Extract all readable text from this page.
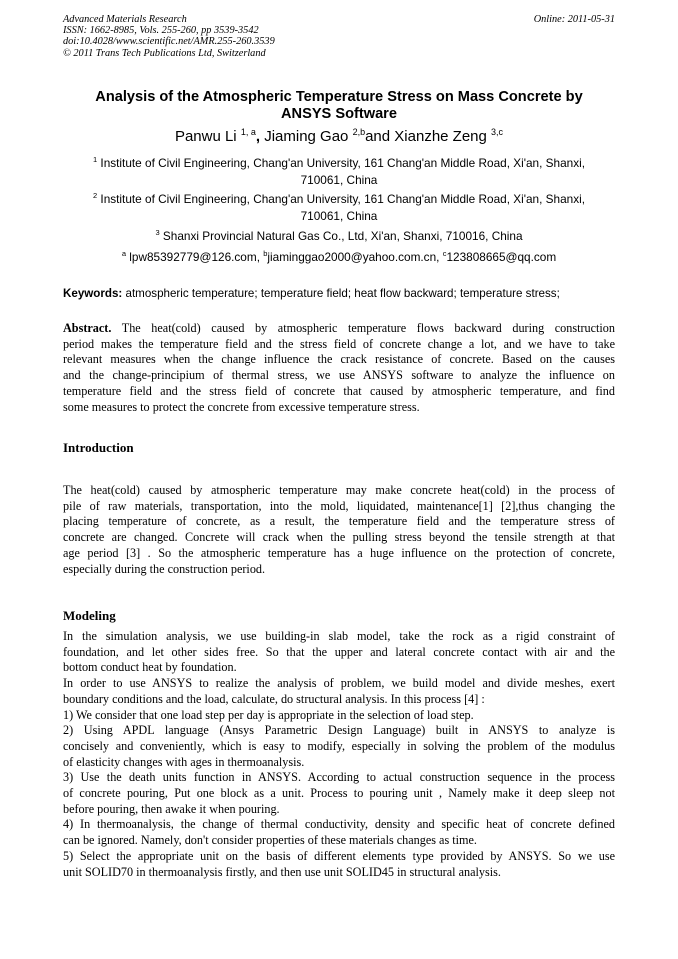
Advanced Materials Research
ISSN: 1662-8985, Vols. 255-260, pp 3539-3542
doi:10.4028/www.scientific.net/AMR.255-260.3539
© 2011 Trans Tech Publications Ltd, Switzerland
Online: 2011-05-31
Analysis of the Atmospheric Temperature Stress on Mass Concrete by
ANSYS Software
Panwu Li $^{1, a}$, Jiaming Gao $^{2,b}$and Xianzhe Zeng $^{3,c}$
$^1$ Institute of Civil Engineering, Chang'an University, 161 Chang'an Middle Road, Xi'an, Shanxi,
710061, China
$^2$ Institute of Civil Engineering, Chang'an University, 161 Chang'an Middle Road, Xi'an, Shanxi,
710061, China
$^3$ Shanxi Provincial Natural Gas Co., Ltd, Xi'an, Shanxi, 710016, China
$^a$ lpw85392779@126.com, $^b$jiaminggao2000@yahoo.com.cn, $^c$123808665@qq.com
Keywords: atmospheric temperature; temperature field; heat flow backward; temperature stress;
Abstract. The heat(cold) caused by atmospheric temperature flows backward during construction
period makes the temperature field and the stress field of concrete change a lot, and we have to take
relevant measures when the change influence the crack resistance of concrete. Based on the causes
and the change-principium of thermal stress, we use ANSYS software to analyze the influence on
temperature field and the stress field of concrete that caused by atmospheric temperature, and find
some measures to protect the concrete from excessive temperature stress.
Introduction
The heat(cold) caused by atmospheric temperature may make concrete heat(cold) in the process of
pile of raw materials, transportation, into the mold, liquidated, maintenance[1] [2],thus changing the
placing temperature of concrete, as a result, the temperature field and the temperature stress of
concrete are changed. Concrete will crack when the pulling stress beyond the tensile strength at that
age period [3] . So the atmospheric temperature has a huge influence on the protection of concrete,
especially during the construction period.
Modeling
In the simulation analysis, we use building-in slab model, take the rock as a rigid constraint of
foundation, and let other sides free. So that the upper and lateral concrete contact with air and the
bottom conduct heat by foundation.
In order to use ANSYS to realize the analysis of problem, we build model and divide meshes, exert
boundary conditions and the load, calculate, do structural analysis. In this process [4] :
1) We consider that one load step per day is appropriate in the selection of load step.
2) Using APDL language (Ansys Parametric Design Language) built in ANSYS to analyze is
concisely and conveniently, which is easy to modify, especially in solving the problem of the modulus
of elasticity changes with ages in thermoanalysis.
3) Use the death units function in ANSYS. According to actual construction sequence in the process
of concrete pouring, Put one block as a unit. Process to pouring unit , Namely make it deep sleep not
before pouring, then awake it when pouring.
4) In thermoanalysis, the change of thermal conductivity, density and specific heat of concrete defined
can be ignored. Namely, don't consider properties of these materials changes as time.
5) Select the appropriate unit on the basis of different elements type provided by ANSYS. So we use
unit SOLID70 in thermoanalysis firstly, and then use unit SOLID45 in structural analysis.
